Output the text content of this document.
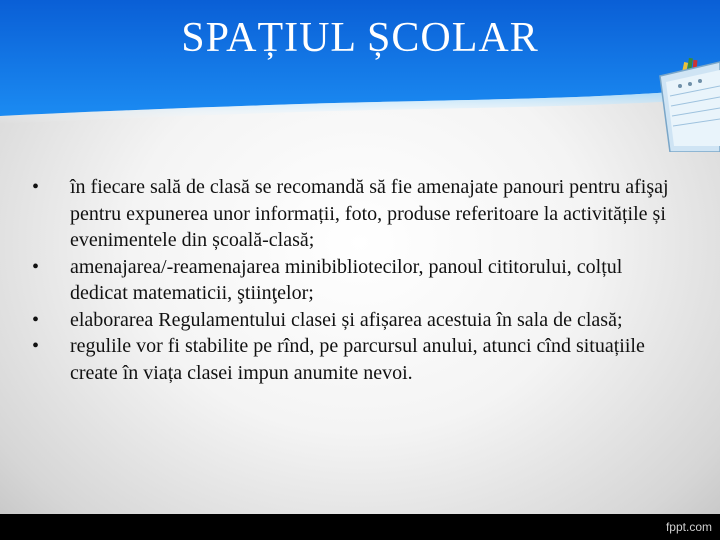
SPAȚIUL ȘCOLAR
•	în fiecare sală de clasă se recomandă să fie amenajate panouri pentru afişaj pentru expunerea unor informații, foto, produse referitoare la activitățile și evenimentele din școală-clasă;
•	amenajarea/-reamenajarea minibibliotecilor, panoul cititorului, colțul dedicat matematicii, ştiinţelor;
•	elaborarea Regulamentului clasei și afișarea acestuia în sala de clasă;
•	regulile vor fi stabilite pe rînd, pe parcursul anului, atunci cînd situațiile create în viața clasei impun anumite nevoi.
fppt.com
